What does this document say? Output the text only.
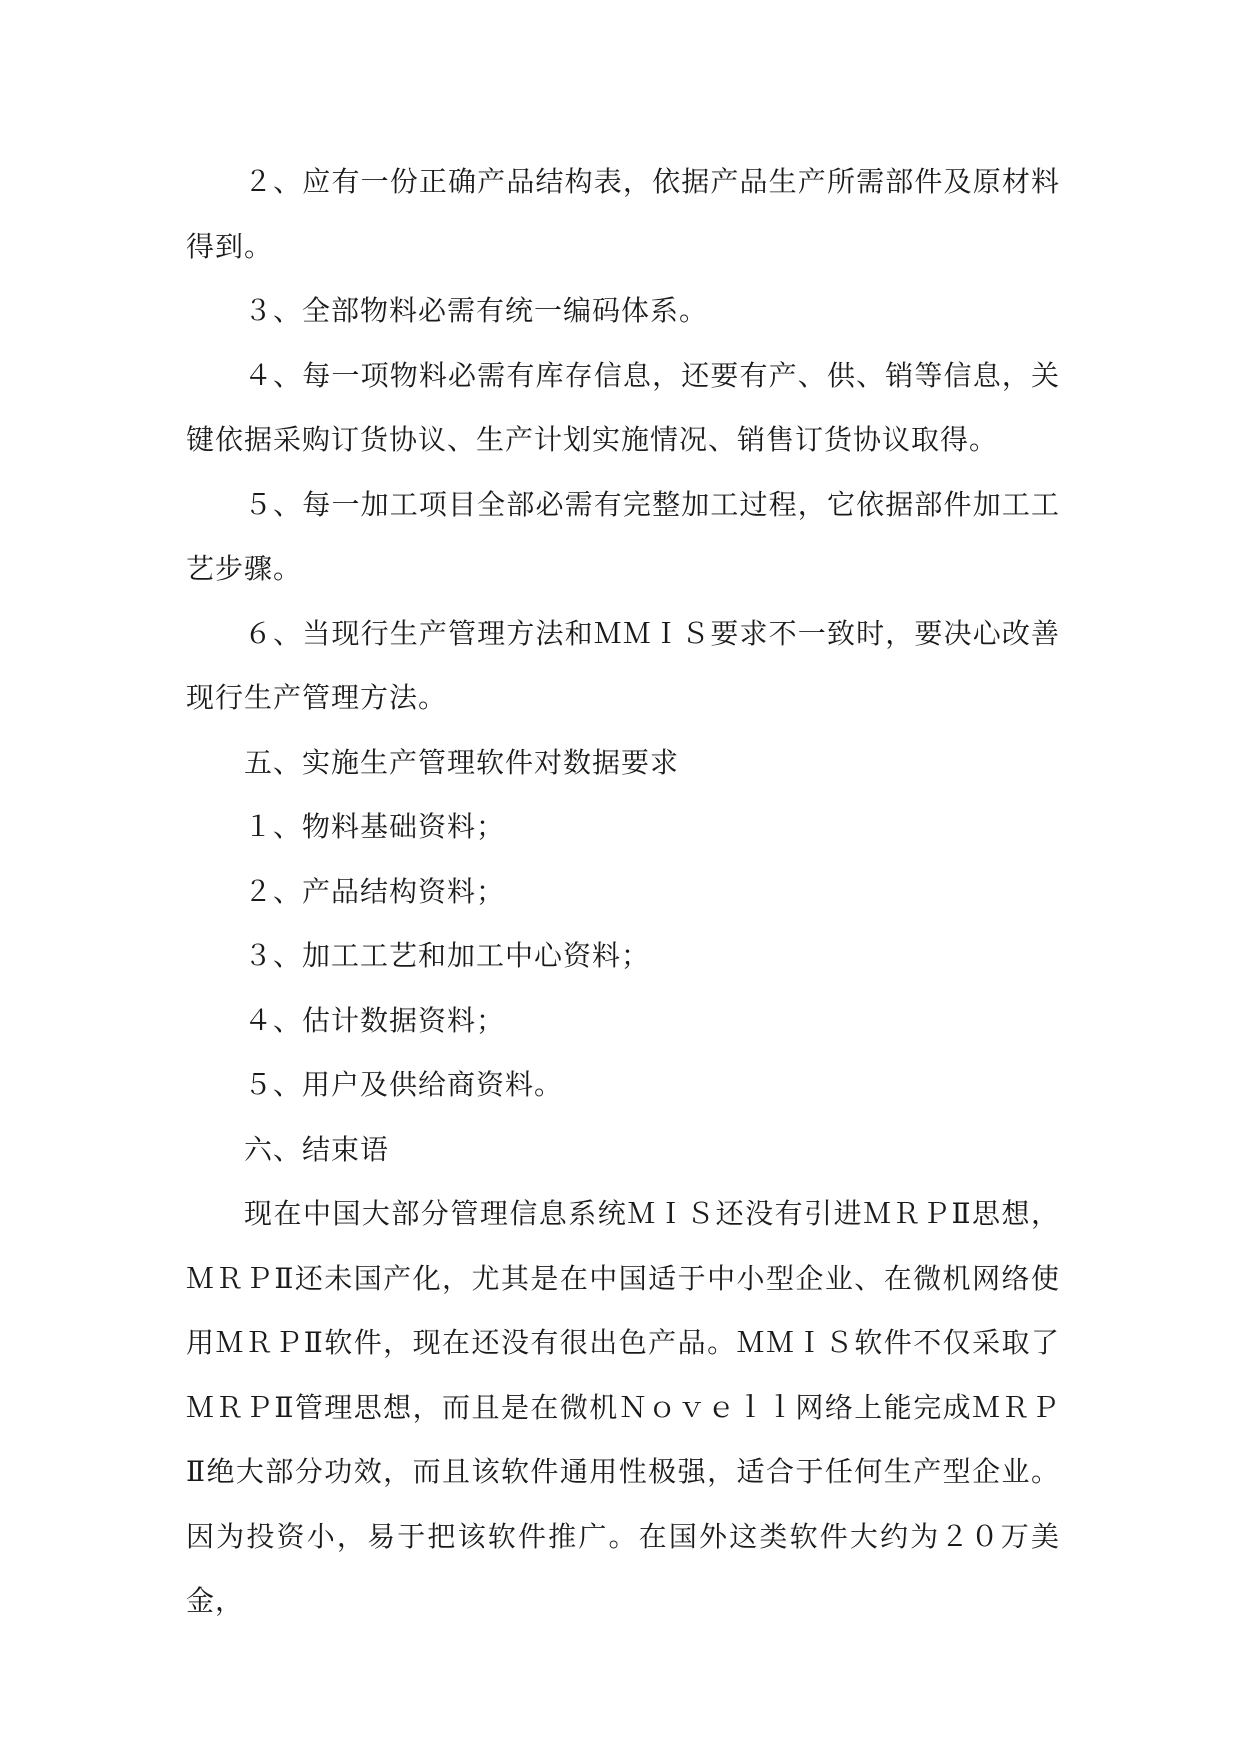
２、应有一份正确产品结构表，依据产品生产所需部件及原材料得到。

３、全部物料必需有统一编码体系。

４、每一项物料必需有库存信息，还要有产、供、销等信息，关键依据采购订货协议、生产计划实施情况、销售订货协议取得。

５、每一加工项目全部必需有完整加工过程，它依据部件加工工艺步骤。

６、当现行生产管理方法和ＭＭＩＳ要求不一致时，要决心改善现行生产管理方法。

五、实施生产管理软件对数据要求

１、物料基础资料；

２、产品结构资料；

３、加工工艺和加工中心资料；

４、估计数据资料；

５、用户及供给商资料。

六、结束语

现在中国大部分管理信息系统ＭＩＳ还没有引进ＭＲＰⅡ思想，ＭＲＰⅡ还未国产化，尤其是在中国适于中小型企业、在微机网络使用ＭＲＰⅡ软件，现在还没有很出色产品。ＭＭＩＳ软件不仅采取了ＭＲＰⅡ管理思想，而且是在微机Ｎｏｖｅｌｌ网络上能完成ＭＲＰⅡ绝大部分功效，而且该软件通用性极强，适合于任何生产型企业。因为投资小，易于把该软件推广。在国外这类软件大约为２０万美金，
